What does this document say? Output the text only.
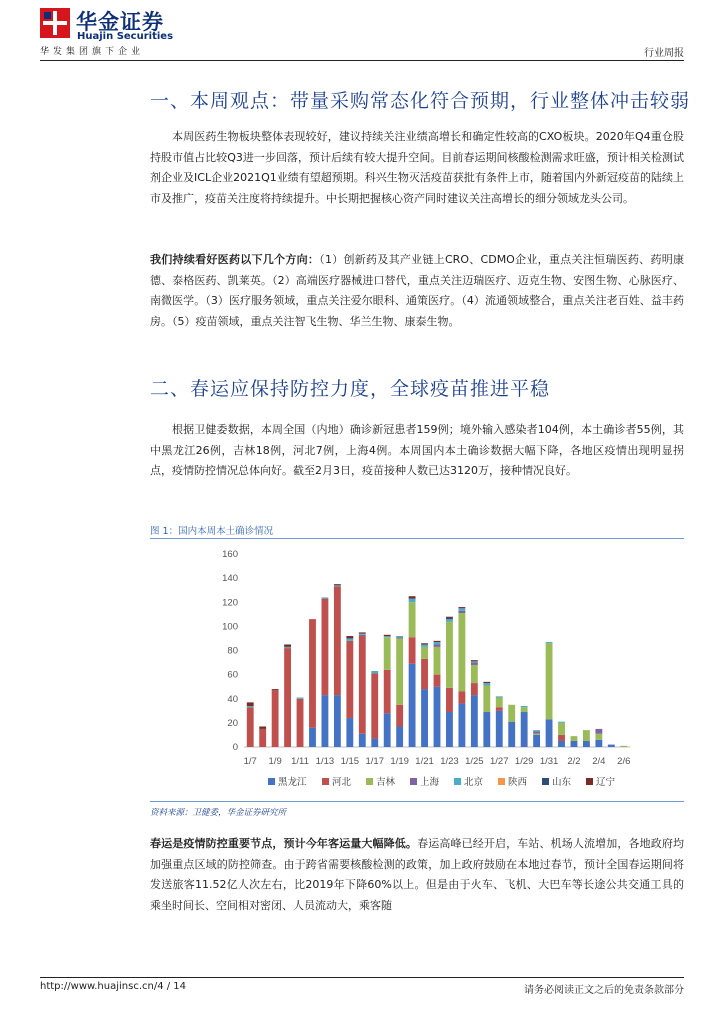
华金证券
Huajin Securities
华发集团旗下企业	行业周报
一、本周观点：带量采购常态化符合预期，行业整体冲击较弱

本周医药生物板块整体表现较好，建议持续关注业绩高增长和确定性较高的CXO板块。2020年Q4重仓股持股市值占比较Q3进一步回落，预计后续有较大提升空间。目前春运期间核酸检测需求旺盛，预计相关检测试剂企业及ICL企业2021Q1业绩有望超预期。科兴生物灭活疫苗获批有条件上市，随着国内外新冠疫苗的陆续上市及推广，疫苗关注度将持续提升。中长期把握核心资产同时建议关注高增长的细分领域龙头公司。

我们持续看好医药以下几个方向：（1）创新药及其产业链上CRO、CDMO企业，重点关注恒瑞医药、药明康德、泰格医药、凯莱英。（2）高端医疗器械进口替代，重点关注迈瑞医疗、迈克生物、安图生物、心脉医疗、南微医学。（3）医疗服务领域，重点关注爱尔眼科、通策医疗。（4）流通领域整合，重点关注老百姓、益丰药房。（5）疫苗领域，重点关注智飞生物、华兰生物、康泰生物。

二、春运应保持防控力度，全球疫苗推进平稳

根据卫健委数据，本周全国（内地）确诊新冠患者159例；境外输入感染者104例，本土确诊者55例，其中黑龙江26例，吉林18例，河北7例，上海4例。本周国内本土确诊数据大幅下降，各地区疫情出现明显拐点，疫情防控情况总体向好。截至2月3日，疫苗接种人数已达3120万，接种情况良好。

图 1：国内本周本土确诊情况
0
20
40
60
80
100
120
140
160
1/7 1/9 1/11 1/13 1/15 1/17 1/19 1/21 1/23 1/25 1/27 1/29 1/31 2/2 2/4 2/6
黑龙江	河北	吉林	上海	北京	陕西	山东	辽宁
资料来源：卫健委，华金证券研究所

春运是疫情防控重要节点，预计今年客运量大幅降低。春运高峰已经开启，车站、机场人流增加，各地政府均加强重点区域的防控筛查。由于跨省需要核酸检测的政策，加上政府鼓励在本地过春节，预计全国春运期间将发送旅客11.52亿人次左右，比2019年下降60%以上。但是由于火车、飞机、大巴车等长途公共交通工具的乘坐时间长、空间相对密闭、人员流动大，乘客随

http://www.huajinsc.cn/4 / 14	请务必阅读正文之后的免责条款部分
